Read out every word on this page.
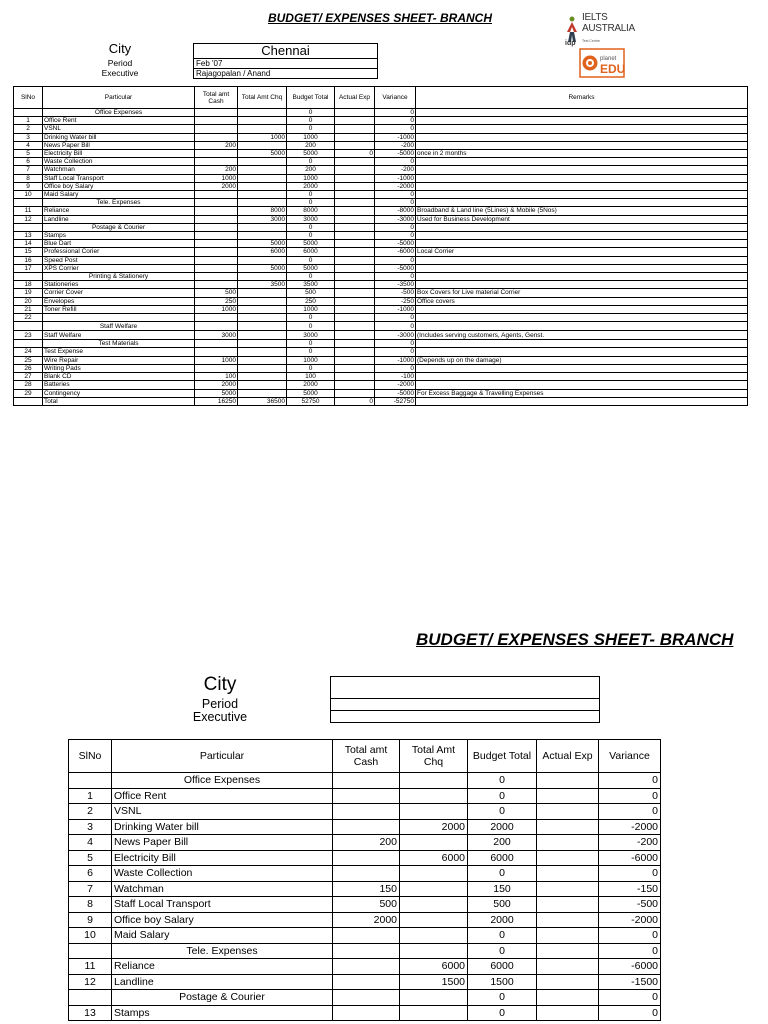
BUDGET/ EXPENSES SHEET- BRANCH
City
Period
Executive
Chennai
Feb '07
Rajagopalan / Anand
IELTS
AUSTRALIA
Test Centre
idp
planet
EDU
SlNo	Particular	Total amt Cash	Total Amt Chq	Budget Total	Actual Exp	Variance	Remarks
	Office Expenses			0		0	
1	Office Rent			0		0	
2	VSNL			0		0	
3	Drinking Water bill		1000	1000		-1000	
4	News Paper Bill	200		200		-200	
5	Electricity Bill		5000	5000	0	-5000	once in 2 months
6	Waste Collection			0		0	
7	Watchman	200		200		-200	
8	Staff Local Transport	1000		1000		-1000	
9	Office boy Salary	2000		2000		-2000	
10	Maid Salary			0		0	
	Tele. Expenses			0		0	
11	Reliance		8000	8000		-8000	Broadband & Land line (5Lines) & Mobile (5Nos)
12	Landline		3000	3000		-3000	Used for Business Development
	Postage & Courier			0		0	
13	Stamps			0		0	
14	Blue Dart		5000	5000		-5000	
15	Professional Corier		6000	6000		-6000	Local Corrier
16	Speed Post			0		0	
17	XPS Corrier		5000	5000		-5000	
	Printing & Stationery			0		0	
18	Stationeries		3500	3500		-3500	
19	Corrier Cover	500		500		-500	Box Covers for Live material Corrier
20	Envelopes	250		250		-250	Office covers
21	Toner Refill	1000		1000		-1000	
22				0		0	
	Staff Welfare			0		0	
23	Staff Welfare	3000		3000		-3000	(Includes serving customers, Agents, Genst.
	Test Materials			0		0	
24	Test Expense			0		0	
25	Wire Repair	1000		1000		-1000	(Depends up on the damage)
26	Writing Pads			0		0	
27	Blank CD	100		100		-100	
28	Batteries	2000		2000		-2000	
29	Contingency	5000		5000		-5000	For Excess Baggage & Travelling Expenses
	Total	16250	36500	52750	0	-52750	
BUDGET/ EXPENSES SHEET- BRANCH
City
Period
Executive

SlNo	Particular	Total amt Cash	Total Amt Chq	Budget Total	Actual Exp	Variance
	Office Expenses			0		0
1	Office Rent			0		0
2	VSNL			0		0
3	Drinking Water bill		2000	2000		-2000
4	News Paper Bill	200		200		-200
5	Electricity Bill		6000	6000		-6000
6	Waste Collection			0		0
7	Watchman	150		150		-150
8	Staff Local Transport	500		500		-500
9	Office boy Salary	2000		2000		-2000
10	Maid Salary			0		0
	Tele. Expenses			0		0
11	Reliance		6000	6000		-6000
12	Landline		1500	1500		-1500
	Postage & Courier			0		0
13	Stamps			0		0
